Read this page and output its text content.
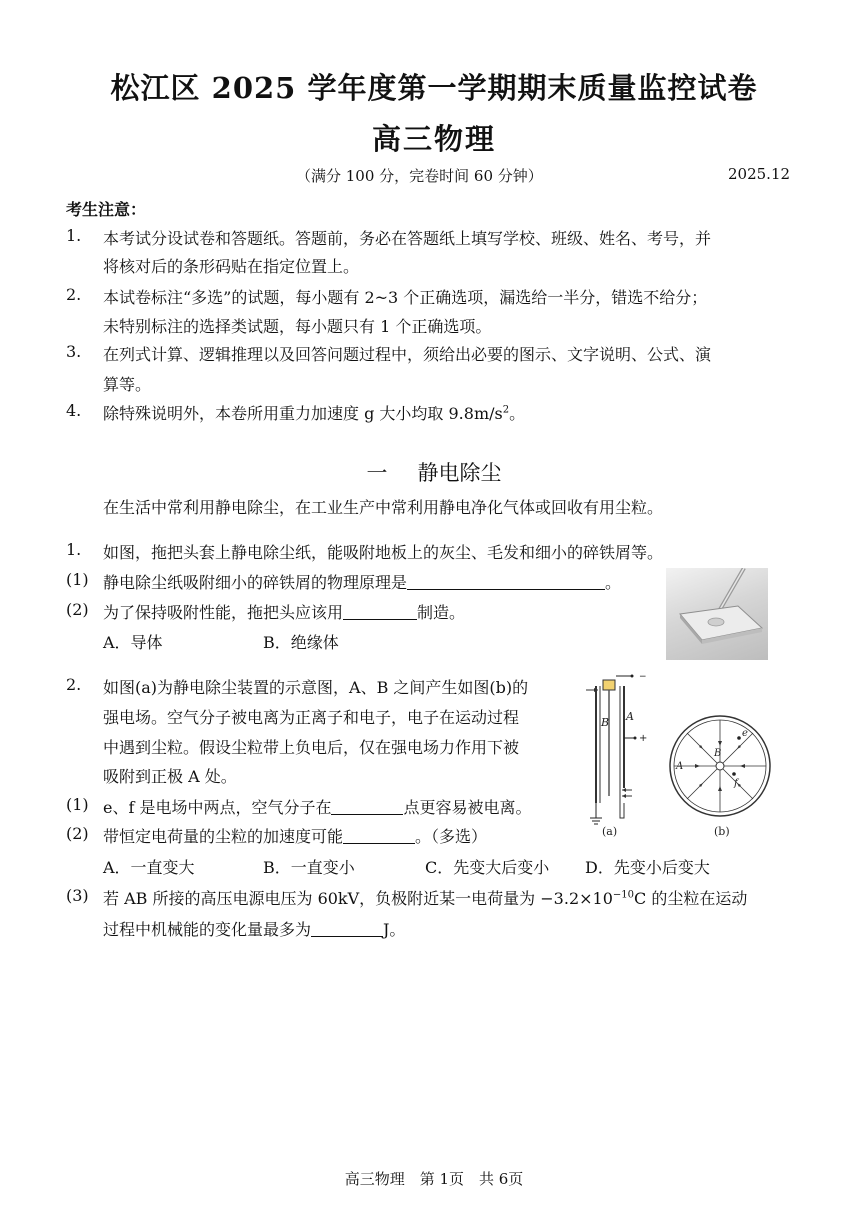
松江区 2025 学年度第一学期期末质量监控试卷
高三物理
（满分 100 分，完卷时间 60 分钟）	2025.12
考生注意：
1.	本考试分设试卷和答题纸。答题前，务必在答题纸上填写学校、班级、姓名、考号，并
将核对后的条形码贴在指定位置上。
2.	本试卷标注“多选”的试题，每小题有 2~3 个正确选项，漏选给一半分，错选不给分；
未特别标注的选择类试题，每小题只有 1 个正确选项。
3.	在列式计算、逻辑推理以及回答问题过程中，须给出必要的图示、文字说明、公式、演
算等。
4.	除特殊说明外，本卷所用重力加速度 g 大小均取 $9.8m/s^2$。
一 静电除尘
在生活中常利用静电除尘，在工业生产中常利用静电净化气体或回收有用尘粒。
1.	如图，拖把头套上静电除尘纸，能吸附地板上的灰尘、毛发和细小的碎铁屑等。
(1) 静电除尘纸吸附细小的碎铁屑的物理原理是	。
(2) 为了保持吸附性能，拖把头应该用	制造。
A．导体	B．绝缘体
2.	如图(a)为静电除尘装置的示意图，A、B 之间产生如图(b)的
强电场。空气分子被电离为正离子和电子，电子在运动过程
中遇到尘粒。假设尘粒带上负电后，仅在强电场力作用下被
吸附到正极 A 处。
(1) e、f 是电场中两点，空气分子在	点更容易被电离。
(2) 带恒定电荷量的尘粒的加速度可能	。（多选）
A．一直变大	B．一直变小	C．先变大后变小 D．先变小后变大
(3) 若 AB 所接的高压电源电压为 60kV，负极附近某一电荷量为 $-3.2\times 10^{-10}C$ 的尘粒在运动
过程中机械能的变化量最多为	J。
−
+
B A
(a)
B
A
e
f
(b)
高三物理　第 1页　共 6页
